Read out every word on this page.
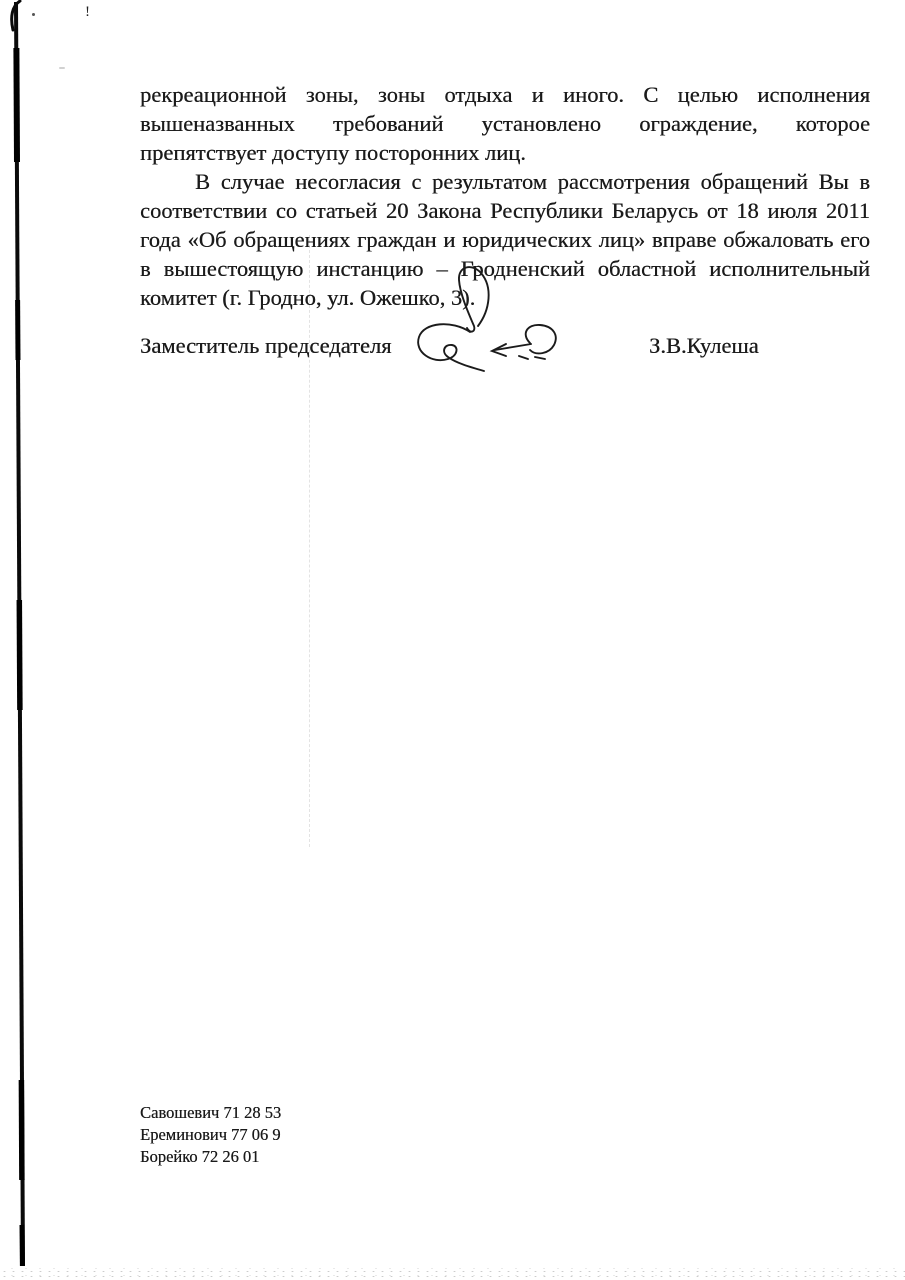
!
рекреационной зоны, зоны отдыха и иного. С целью исполнения
вышеназванных требований установлено ограждение, которое
препятствует доступу посторонних лиц.
В случае несогласия с результатом рассмотрения обращений Вы в
соответствии со статьей 20 Закона Республики Беларусь от 18 июля 2011
года «Об обращениях граждан и юридических лиц» вправе обжаловать его
в вышестоящую инстанцию – Гродненский областной исполнительный
комитет (г. Гродно, ул. Ожешко, 3).
Заместитель председателя	З.В.Кулеша
Савошевич 71 28 53
Ереминович 77 06 9
Борейко 72 26 01
